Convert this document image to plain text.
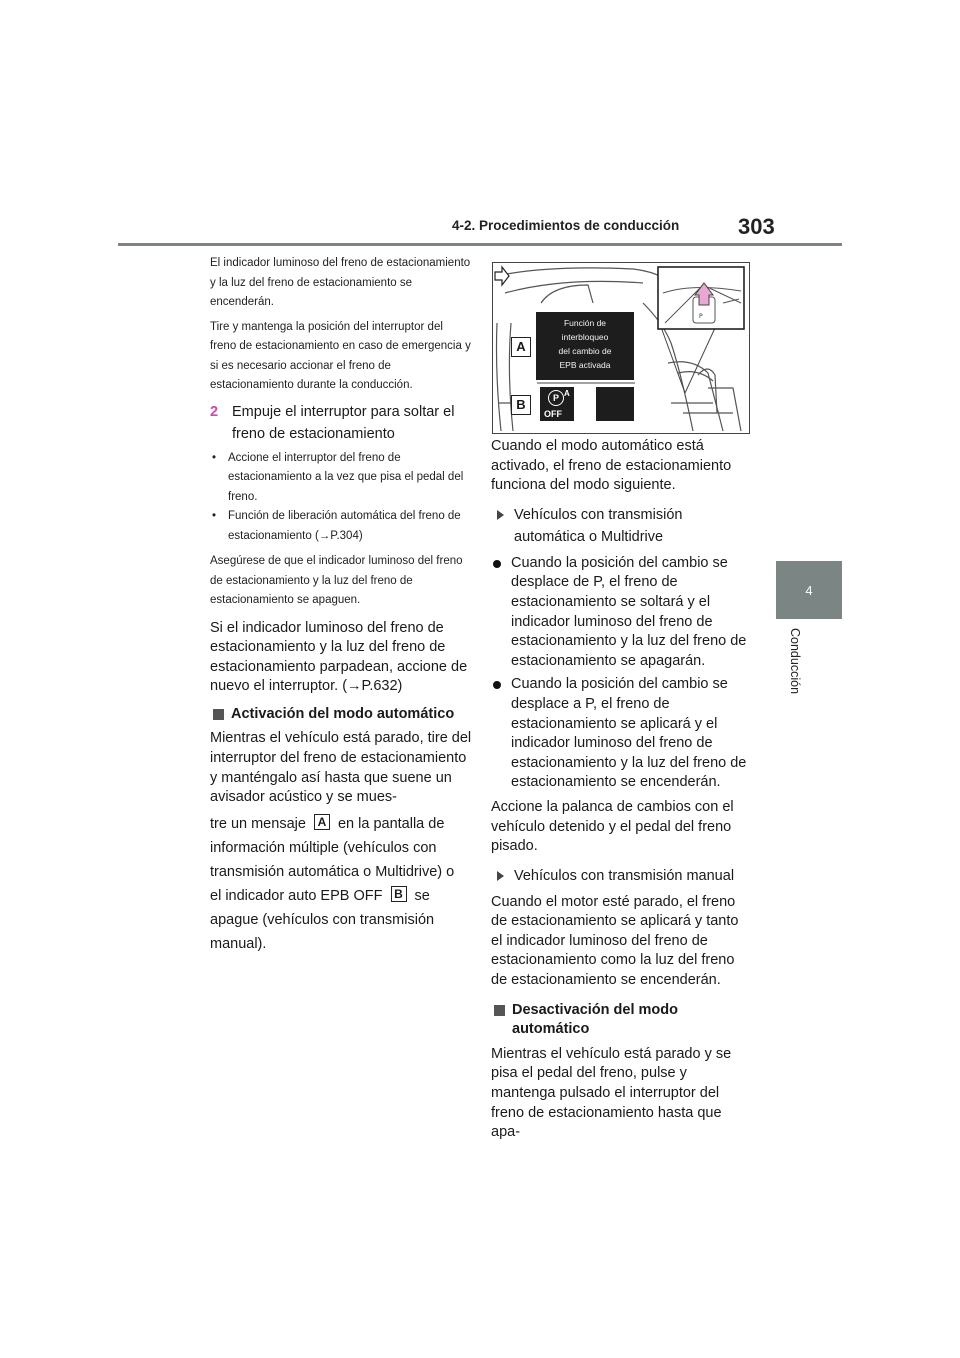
4-2. Procedimientos de conducción	303
4
Conducción

El indicador luminoso del freno de estacionamiento y la luz del freno de estacionamiento se encenderán.

Tire y mantenga la posición del interruptor del freno de estacionamiento en caso de emergencia y si es necesario accionar el freno de estacionamiento durante la conducción.

2 Empuje el interruptor para soltar el freno de estacionamiento
•	Accione el interruptor del freno de estacionamiento a la vez que pisa el pedal del freno.
•	Función de liberación automática del freno de estacionamiento (→P.304)

Asegúrese de que el indicador luminoso del freno de estacionamiento y la luz del freno de estacionamiento se apaguen.

Si el indicador luminoso del freno de estacionamiento y la luz del freno de estacionamiento parpadean, accione de nuevo el interruptor. (→P.632)

Activación del modo automático

Mientras el vehículo está parado, tire del interruptor del freno de estacionamiento y manténgalo así hasta que suene un avisador acústico y se mues-

tre un mensaje A en la pantalla de información múltiple (vehículos con transmisión automática o Multidrive) o
el indicador auto EPB OFF B se apague (vehículos con transmisión manual).

P
Función de
interbloqueo
del cambio de
EPB activada
A
B	P A
OFF

Cuando el modo automático está activado, el freno de estacionamiento funciona del modo siguiente.

Vehículos con transmisión automática o Multidrive
Cuando la posición del cambio se desplace de P, el freno de estacionamiento se soltará y el indicador luminoso del freno de estacionamiento y la luz del freno de estacionamiento se apagarán.
Cuando la posición del cambio se desplace a P, el freno de estacionamiento se aplicará y el indicador luminoso del freno de estacionamiento y la luz del freno de estacionamiento se encenderán.

Accione la palanca de cambios con el vehículo detenido y el pedal del freno pisado.

Vehículos con transmisión manual

Cuando el motor esté parado, el freno de estacionamiento se aplicará y tanto el indicador luminoso del freno de estacionamiento como la luz del freno de estacionamiento se encenderán.

Desactivación del modo automático

Mientras el vehículo está parado y se pisa el pedal del freno, pulse y mantenga pulsado el interruptor del freno de estacionamiento hasta que apa-
